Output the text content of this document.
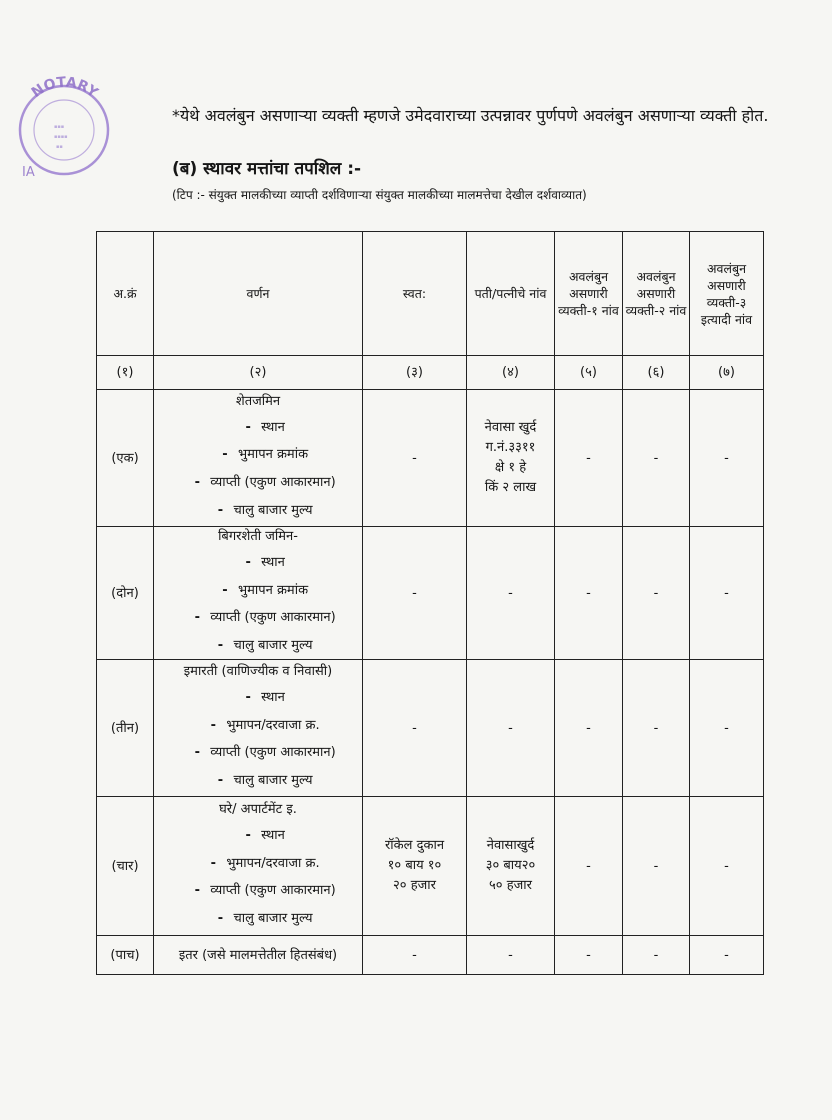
NOTARY
IA
▪▪▪
▪▪▪▪
▪▪
*येथे अवलंबुन असणाऱ्या व्यक्ती म्हणजे उमेदवाराच्या उत्पन्नावर पुर्णपणे अवलंबुन असणाऱ्या व्यक्ती होत.
(ब) स्थावर मत्तांचा तपशिल :-
(टिप :- संयुक्त मालकीच्या व्याप्ती दर्शविणाऱ्या संयुक्त मालकीच्या मालमत्तेचा देखील दर्शवाव्यात)
अ.क्रं	वर्णन	स्वत:	पती/पत्नीचे नांव	अवलंबुन असणारी व्यक्ती-१ नांव	अवलंबुन असणारी व्यक्ती-२ नांव	अवलंबुन असणारी व्यक्ती-३ इत्यादी नांव
(१)	(२)	(३)	(४)	(५)	(६)	(७)
(एक)	शेतजमिन
- स्थान
- भुमापन क्रमांक
- व्याप्ती (एकुण आकारमान)
- चालु बाजार मुल्य	-	नेवासा खुर्द
ग.नं.३३११
क्षे १ हे
किं २ लाख	-	-	-
(दोन)	बिगरशेती जमिन-
- स्थान
- भुमापन क्रमांक
- व्याप्ती (एकुण आकारमान)
- चालु बाजार मुल्य	-	-	-	-	-
(तीन)	इमारती (वाणिज्यीक व निवासी)
- स्थान
- भुमापन/दरवाजा क्र.
- व्याप्ती (एकुण आकारमान)
- चालु बाजार मुल्य	-	-	-	-	-
(चार)	घरे/ अपार्टमेंट इ.
- स्थान
- भुमापन/दरवाजा क्र.
- व्याप्ती (एकुण आकारमान)
- चालु बाजार मुल्य	रॉकेल दुकान
१० बाय १०
२० हजार	नेवासाखुर्द
३० बाय२०
५० हजार	-	-	-
(पाच)	इतर (जसे मालमत्तेतील हितसंबंध)	-	-	-	-	-
